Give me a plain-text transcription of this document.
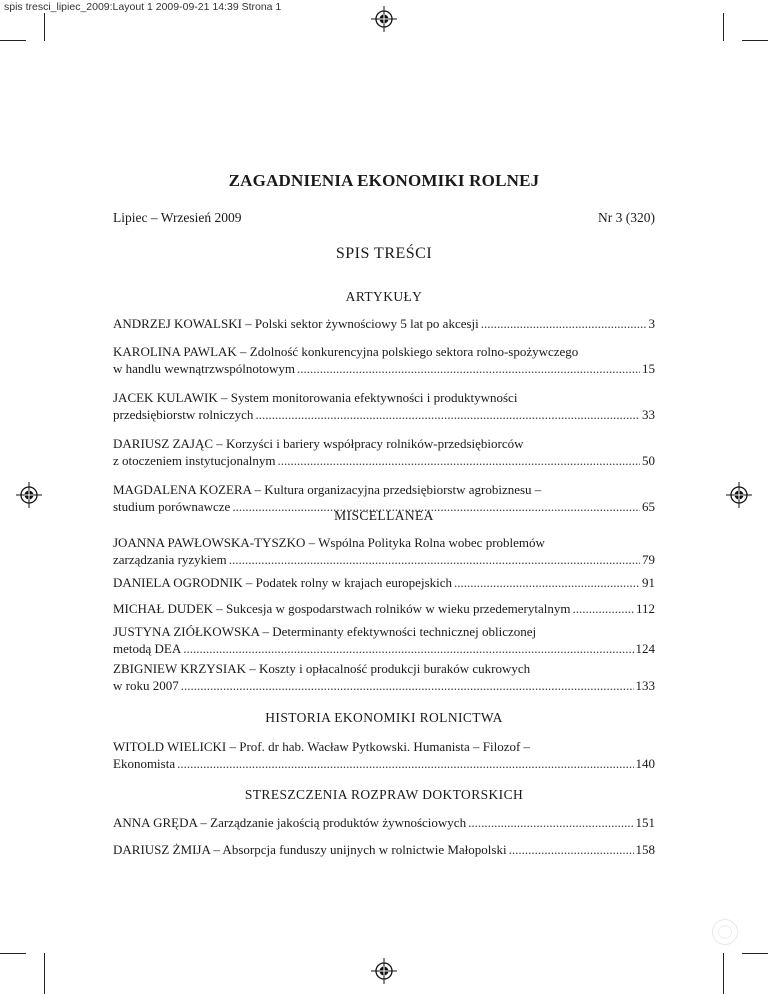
spis tresci_lipiec_2009:Layout 1 2009-09-21 14:39 Strona 1
ZAGADNIENIA EKONOMIKI ROLNEJ
Lipiec – Wrzesień 2009	Nr 3 (320)
SPIS TREŚCI
ARTYKUŁY
ANDRZEJ KOWALSKI – Polski sektor żywnościowy 5 lat po akcesji .....	3
KAROLINA PAWLAK – Zdolność konkurencyjna polskiego sektora rolno-spożywczego
w handlu wewnątrzwspólnotowym .....	15
JACEK KULAWIK – System monitorowania efektywności i produktywności
przedsiębiorstw rolniczych .....	33
DARIUSZ ZAJĄC – Korzyści i bariery współpracy rolników-przedsiębiorców
z otoczeniem instytucjonalnym .....	50
MAGDALENA KOZERA – Kultura organizacyjna przedsiębiorstw agrobiznesu –
studium porównawcze .....	65
MISCELLANEA
JOANNA PAWŁOWSKA-TYSZKO – Wspólna Polityka Rolna wobec problemów
zarządzania ryzykiem .....	79
DANIELA OGRODNIK – Podatek rolny w krajach europejskich .....	91
MICHAŁ DUDEK – Sukcesja w gospodarstwach rolników w wieku przedemerytalnym .....	112
JUSTYNA ZIÓŁKOWSKA – Determinanty efektywności technicznej obliczonej
metodą DEA .....	124
ZBIGNIEW KRZYSIAK – Koszty i opłacalność produkcji buraków cukrowych
w roku 2007 .....	133
HISTORIA EKONOMIKI ROLNICTWA
WITOLD WIELICKI – Prof. dr hab. Wacław Pytkowski. Humanista – Filozof –
Ekonomista .....	140
STRESZCZENIA ROZPRAW DOKTORSKICH
ANNA GRĘDA – Zarządzanie jakością produktów żywnościowych .....	151
DARIUSZ ŻMIJA – Absorpcja funduszy unijnych w rolnictwie Małopolski .....	158
